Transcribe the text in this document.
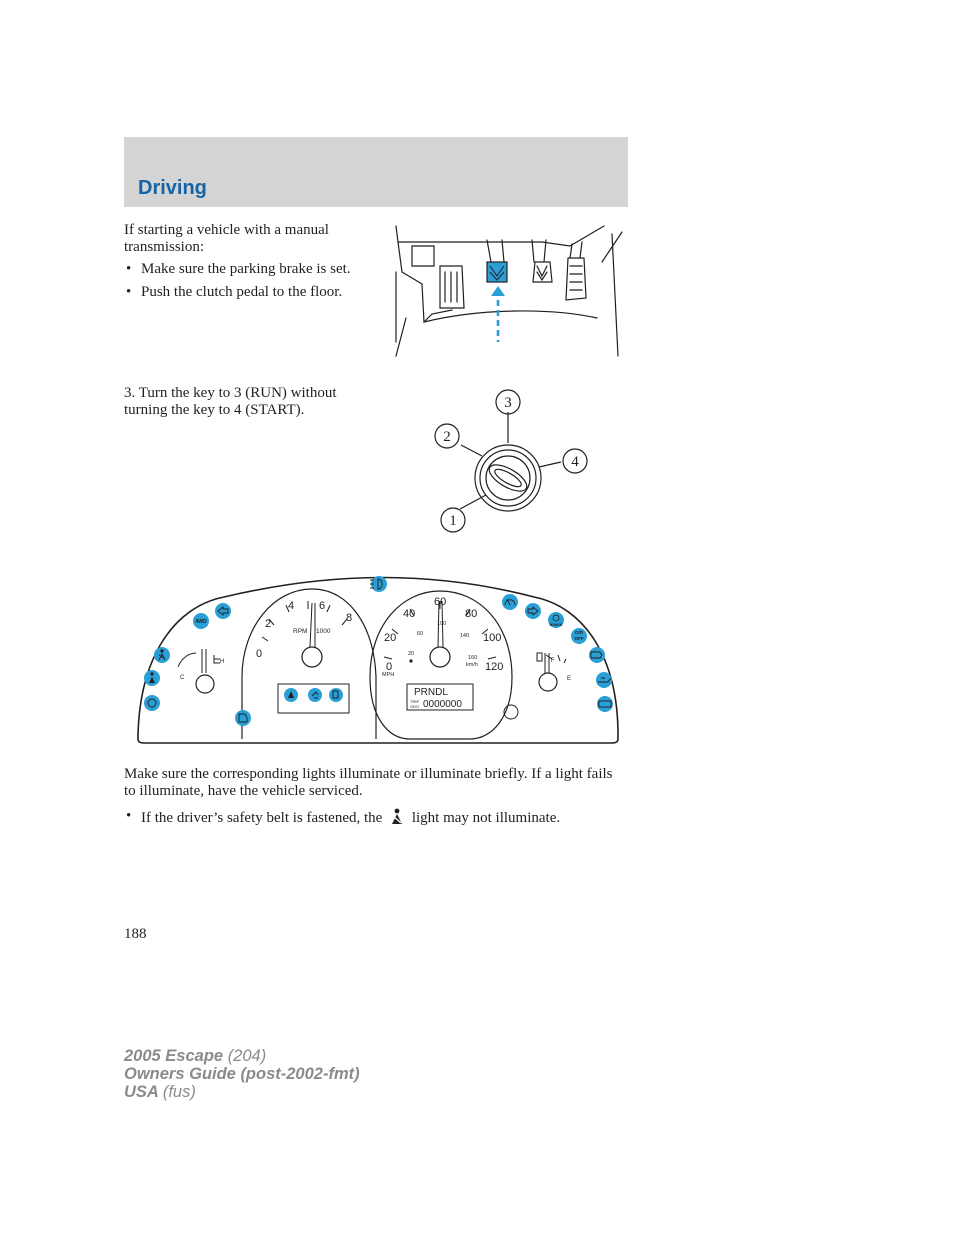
Driving
If starting a vehicle with a manual transmission:
• Make sure the parking brake is set.
• Push the clutch pedal to the floor.
3. Turn the key to 3 (RUN) without turning the key to 4 (START).	3
2
4
1
0
2
4 6
8
RPM 1000
0
20
40
60
80
100
120
20
60
100
140
160
km/h
MPH
PRNDL
TRIP
ODO 0000000
C
H
E
F
4WD	BRAKE
O/D
OFF
Make sure the corresponding lights illuminate or illuminate briefly. If a light fails to illuminate, have the vehicle serviced.
• If the driver’s safety belt is fastened, the light may not illuminate.
188
2005 Escape (204)
Owners Guide (post-2002-fmt)
USA (fus)
